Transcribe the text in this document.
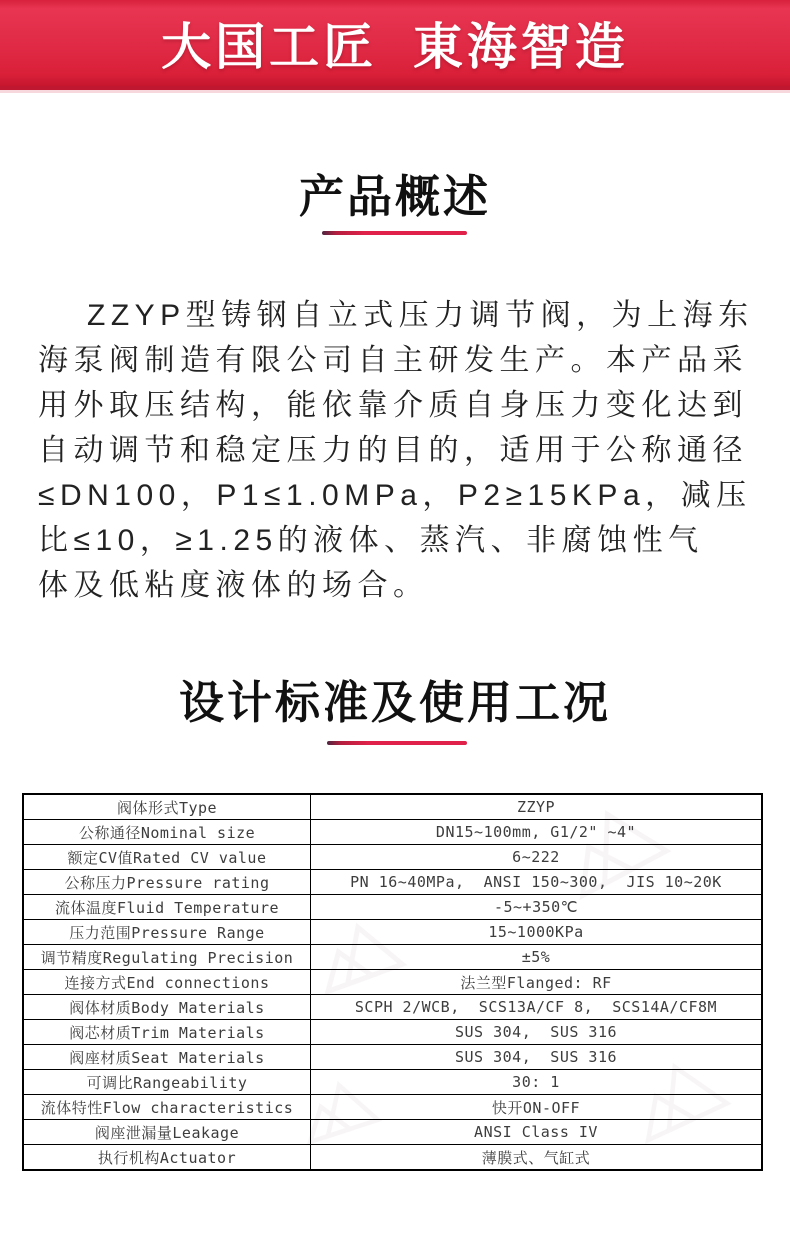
大国工匠  東海智造
产品概述
ZZYP型铸钢自立式压力调节阀，为上海东
海泵阀制造有限公司自主研发生产。本产品采
用外取压结构，能依靠介质自身压力变化达到
自动调节和稳定压力的目的，适用于公称通径
≤DN100，P1≤1.0MPa，P2≥15KPa，减压
比≤10，≥1.25的液体、蒸汽、非腐蚀性气
体及低粘度液体的场合。
设计标准及使用工况
阀体形式Type	ZZYP
公称通径Nominal size	DN15~100mm, G1/2" ~4"
额定CV值Rated CV value	6~222
公称压力Pressure rating	PN 16~40MPa,  ANSI 150~300,  JIS 10~20K
流体温度Fluid Temperature	-5~+350℃
压力范围Pressure Range	15~1000KPa
调节精度Regulating Precision	±5%
连接方式End connections	法兰型Flanged: RF
阀体材质Body Materials	SCPH 2/WCB,  SCS13A/CF 8,  SCS14A/CF8M
阀芯材质Trim Materials	SUS 304,  SUS 316
阀座材质Seat Materials	SUS 304,  SUS 316
可调比Rangeability	30: 1
流体特性Flow characteristics	快开ON-OFF
阀座泄漏量Leakage	ANSI Class IV
执行机构Actuator	薄膜式、气缸式
